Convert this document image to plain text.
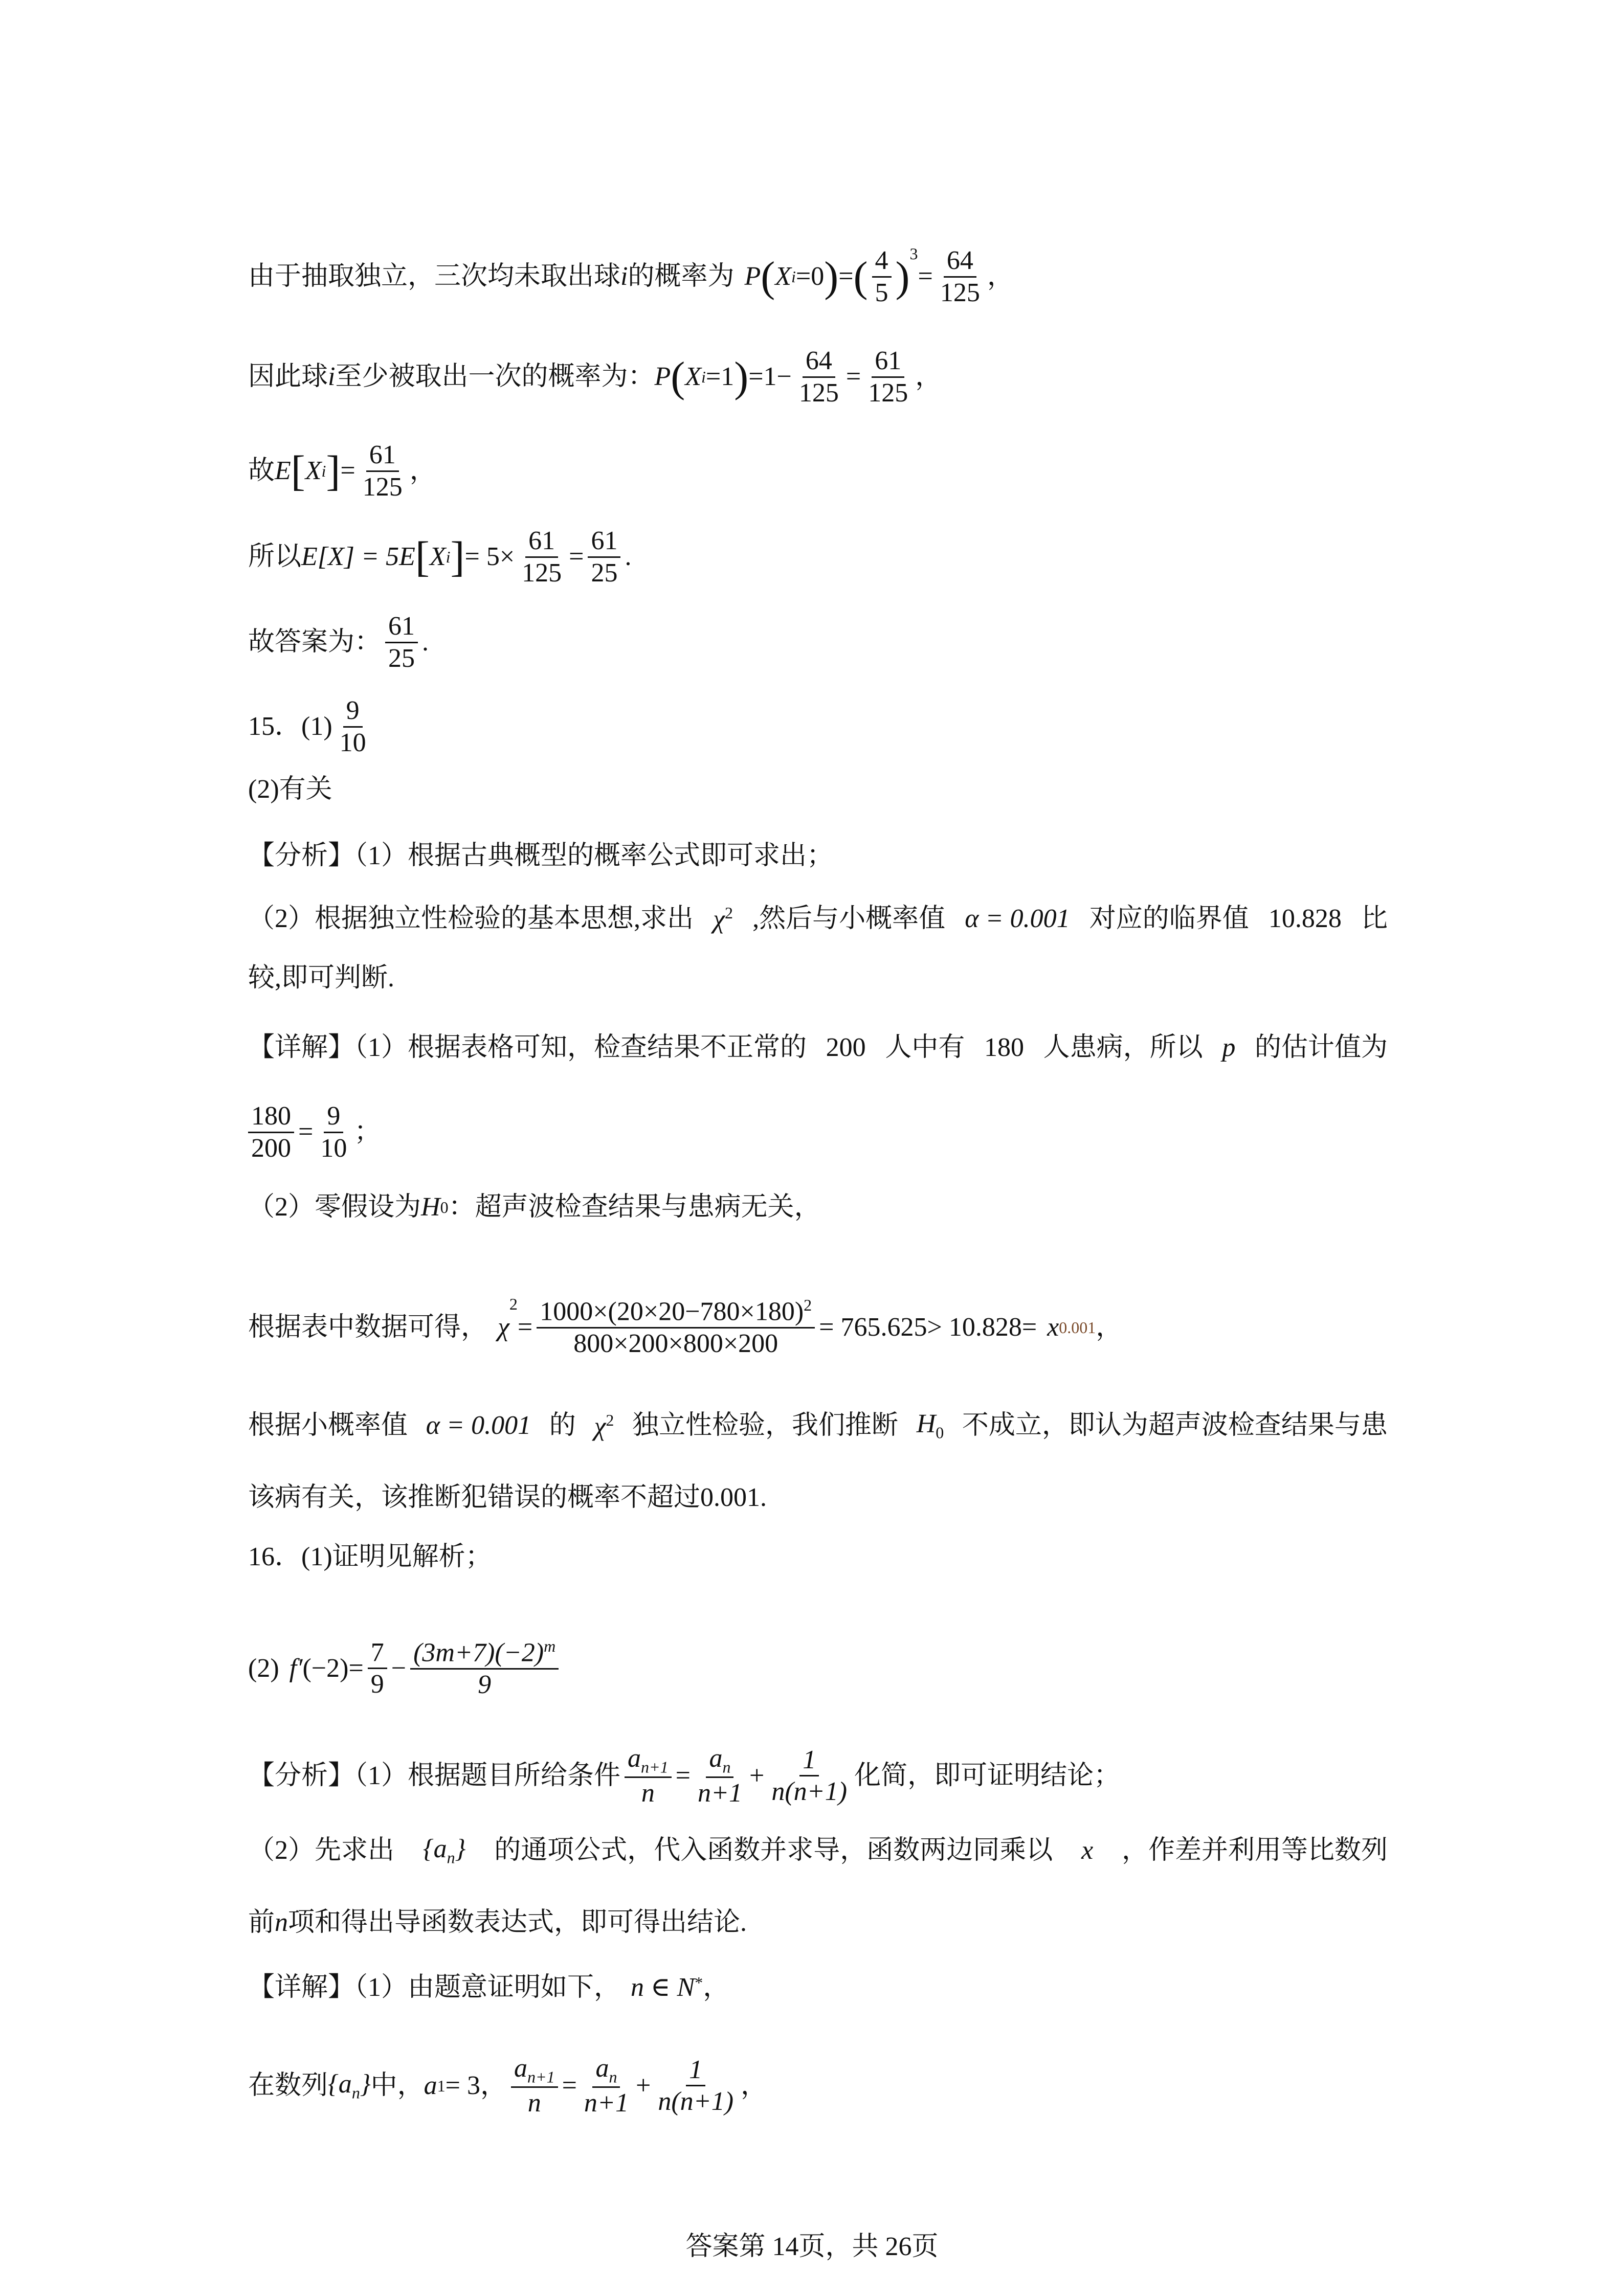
由于抽取独立，三次均未取出球 i 的概率为 P ( X i =0 ) = ( $\frac{4}{5} )^3$
= $\frac{64}{125}$ ，
因此球 i 至少被取出一次的概率为： P ( X i =1 ) $=1- \frac{64}{125} = \frac{61}{125}$ ，
故 E [ X i ] = $\frac{61}{125}$ ，
所以 E[X] = 5E [ X i ] = $5\times \frac{61}{125} = \frac{61}{25}$ .
故答案为： $\frac{61}{25}$ .
15．$(1) \frac{9}{10}$
(2)有关
【分析】（1）根据古典概型的概率公式即可求出；
（2）根据独立性检验的基本思想,求出 $\chi^2$ ,然后与小概率值 α = 0.001 对应的临界值 10.828 比
较,即可判断.
【详解】（1）根据表格可知，检查结果不正常的 200 人中有 180 人患病，所以 p 的估计值为
$\frac{180}{200} = \frac{9}{10}$ ；
（2）零假设为 H 0 ：超声波检查结果与患病无关，
根据表中数据可得， χ
2
= $\frac{1000\times(20\times 20-780\times 180)^2}{800\times 200\times 800\times 200} = 765.625> 10.828= x$ 0.001 ，
根据小概率值 α = 0.001 的 $\chi^2$ 独立性检验，我们推断 $H_0$ 不成立，即认为超声波检查结果与患
该病有关，该推断犯错误的概率不超过 0.001 .
16．(1)证明见解析；
(2) f′ $(-2) = \frac{7}{9} - \frac{(3m+7)(-2)^m}{9}$
【分析】（1）根据题目所给条件 $\frac{a_{n+1}}{n} = \frac{a_n}{n+1} + \frac{1}{n(n+1)}$ 化简，即可证明结论；
（2）先求出 $\{a_n\}$ 的通项公式，代入函数并求导，函数两边同乘以 x ，作差并利用等比数列
前 n 项和得出导函数表达式，即可得出结论.
【详解】（1）由题意证明如下， n ∈ N * ，
在数列 $\{a_n\}$ 中， a 1 = 3 ， $\frac{a_{n+1}}{n} = \frac{a_n}{n+1} + \frac{1}{n(n+1)}$ ，
答案第 14页，共 26页
